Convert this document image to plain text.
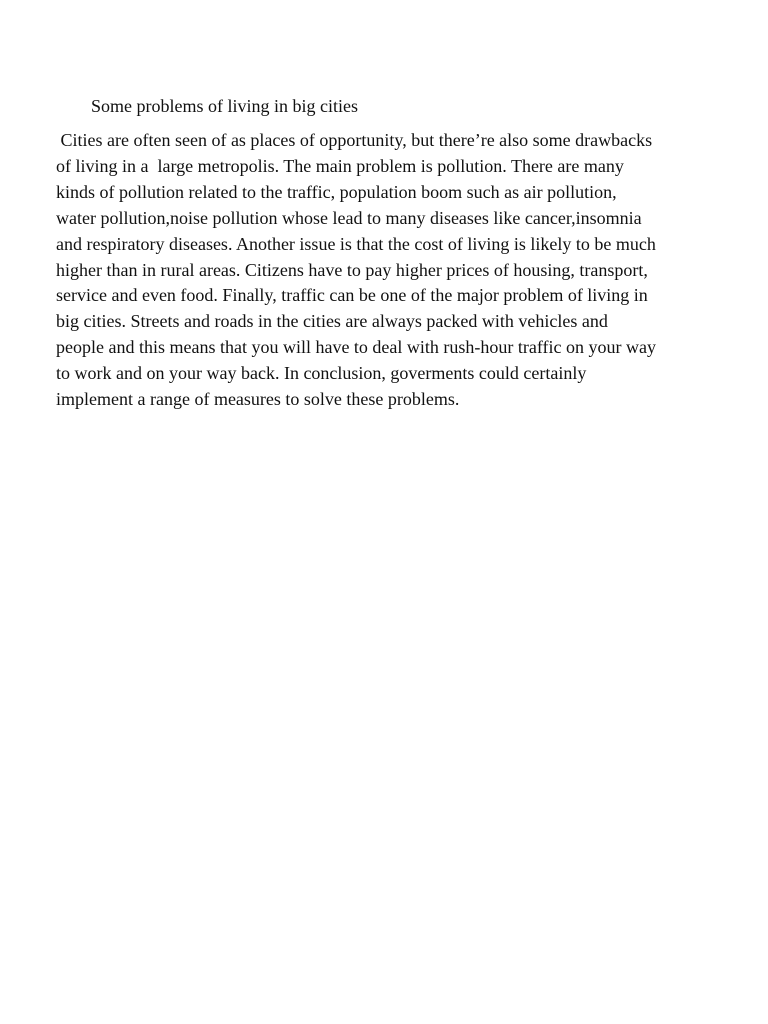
Some problems of living in big cities

Cities are often seen of as places of opportunity, but there’re also some drawbacks
of living in a  large metropolis. The main problem is pollution. There are many
kinds of pollution related to the traffic, population boom such as air pollution,
water pollution,noise pollution whose lead to many diseases like cancer,insomnia
and respiratory diseases. Another issue is that the cost of living is likely to be much
higher than in rural areas. Citizens have to pay higher prices of housing, transport,
service and even food. Finally, traffic can be one of the major problem of living in
big cities. Streets and roads in the cities are always packed with vehicles and
people and this means that you will have to deal with rush-hour traffic on your way
to work and on your way back. In conclusion, goverments could certainly
implement a range of measures to solve these problems.
